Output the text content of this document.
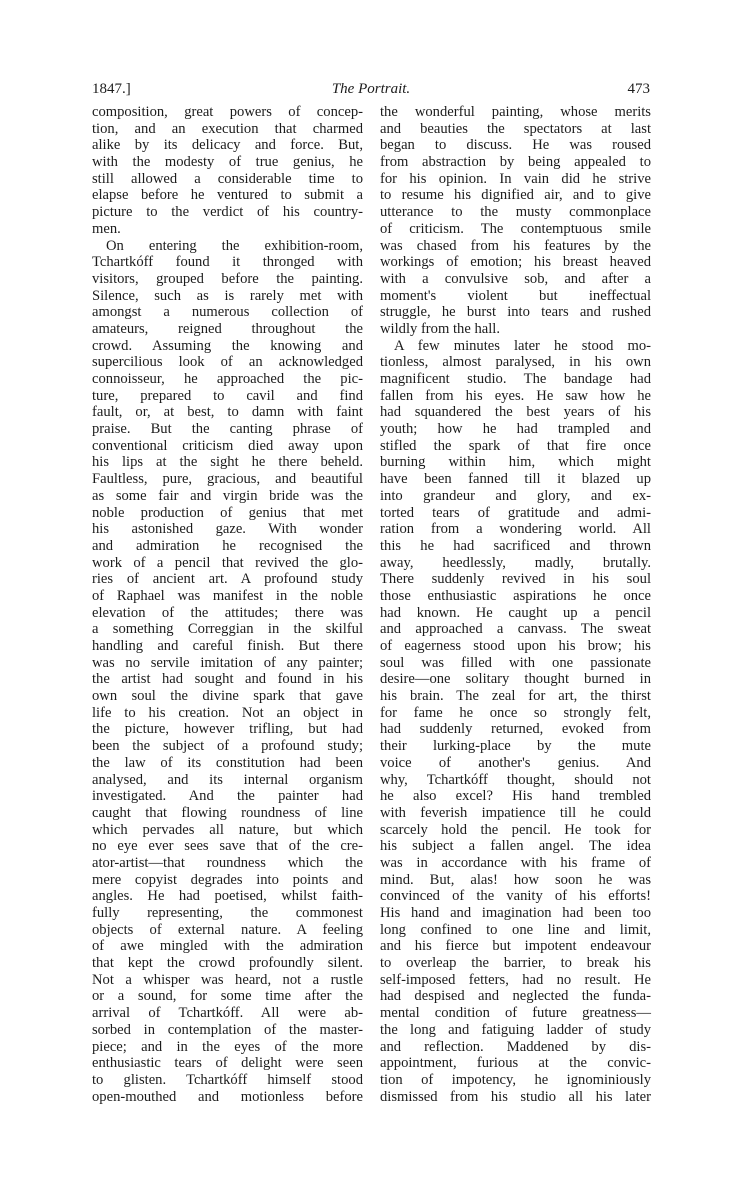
1847.]	The Portrait.	473
composition, great powers of concep-
tion, and an execution that charmed
alike by its delicacy and force. But,
with the modesty of true genius, he
still allowed a considerable time to
elapse before he ventured to submit a
picture to the verdict of his country-
men.
On entering the exhibition-room,
Tchartkóff found it thronged with
visitors, grouped before the painting.
Silence, such as is rarely met with
amongst a numerous collection of
amateurs, reigned throughout the
crowd. Assuming the knowing and
supercilious look of an acknowledged
connoisseur, he approached the pic-
ture, prepared to cavil and find
fault, or, at best, to damn with faint
praise. But the canting phrase of
conventional criticism died away upon
his lips at the sight he there beheld.
Faultless, pure, gracious, and beautiful
as some fair and virgin bride was the
noble production of genius that met
his astonished gaze. With wonder
and admiration he recognised the
work of a pencil that revived the glo-
ries of ancient art. A profound study
of Raphael was manifest in the noble
elevation of the attitudes; there was
a something Correggian in the skilful
handling and careful finish. But there
was no servile imitation of any painter;
the artist had sought and found in his
own soul the divine spark that gave
life to his creation. Not an object in
the picture, however trifling, but had
been the subject of a profound study;
the law of its constitution had been
analysed, and its internal organism
investigated. And the painter had
caught that flowing roundness of line
which pervades all nature, but which
no eye ever sees save that of the cre-
ator-artist—that roundness which the
mere copyist degrades into points and
angles. He had poetised, whilst faith-
fully representing, the commonest
objects of external nature. A feeling
of awe mingled with the admiration
that kept the crowd profoundly silent.
Not a whisper was heard, not a rustle
or a sound, for some time after the
arrival of Tchartkóff. All were ab-
sorbed in contemplation of the master-
piece; and in the eyes of the more
enthusiastic tears of delight were seen
to glisten. Tchartkóff himself stood
open-mouthed and motionless before
the wonderful painting, whose merits
and beauties the spectators at last
began to discuss. He was roused
from abstraction by being appealed to
for his opinion. In vain did he strive
to resume his dignified air, and to give
utterance to the musty commonplace
of criticism. The contemptuous smile
was chased from his features by the
workings of emotion; his breast heaved
with a convulsive sob, and after a
moment's violent but ineffectual
struggle, he burst into tears and rushed
wildly from the hall.
A few minutes later he stood mo-
tionless, almost paralysed, in his own
magnificent studio. The bandage had
fallen from his eyes. He saw how he
had squandered the best years of his
youth; how he had trampled and
stifled the spark of that fire once
burning within him, which might
have been fanned till it blazed up
into grandeur and glory, and ex-
torted tears of gratitude and admi-
ration from a wondering world. All
this he had sacrificed and thrown
away, heedlessly, madly, brutally.
There suddenly revived in his soul
those enthusiastic aspirations he once
had known. He caught up a pencil
and approached a canvass. The sweat
of eagerness stood upon his brow; his
soul was filled with one passionate
desire—one solitary thought burned in
his brain. The zeal for art, the thirst
for fame he once so strongly felt,
had suddenly returned, evoked from
their lurking-place by the mute
voice of another's genius. And
why, Tchartkóff thought, should not
he also excel? His hand trembled
with feverish impatience till he could
scarcely hold the pencil. He took for
his subject a fallen angel. The idea
was in accordance with his frame of
mind. But, alas! how soon he was
convinced of the vanity of his efforts!
His hand and imagination had been too
long confined to one line and limit,
and his fierce but impotent endeavour
to overleap the barrier, to break his
self-imposed fetters, had no result. He
had despised and neglected the funda-
mental condition of future greatness—
the long and fatiguing ladder of study
and reflection. Maddened by dis-
appointment, furious at the convic-
tion of impotency, he ignominiously
dismissed from his studio all his later
